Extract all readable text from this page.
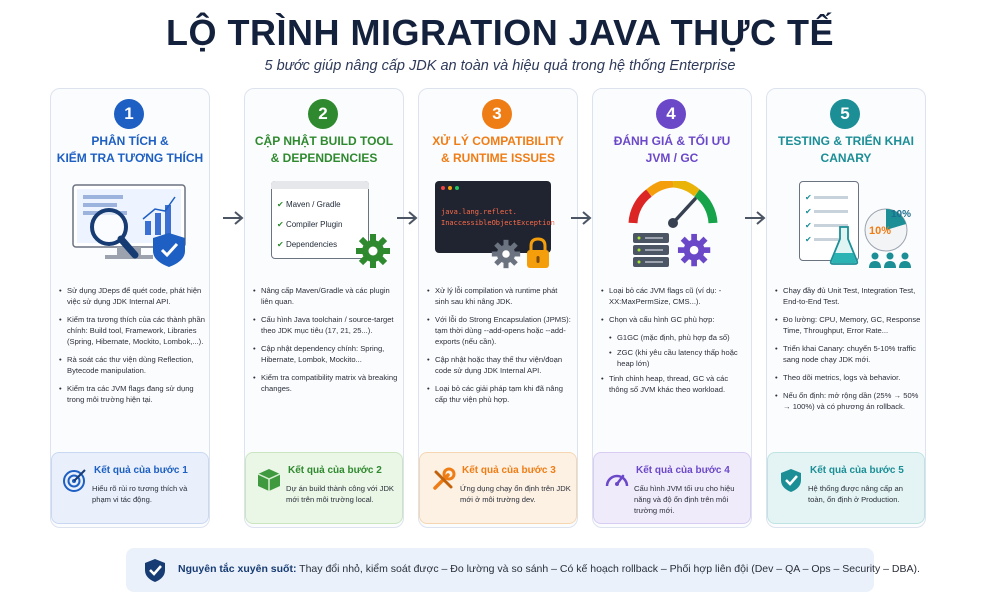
LỘ TRÌNH MIGRATION JAVA THỰC TẾ
5 bước giúp nâng cấp JDK an toàn và hiệu quả trong hệ thống Enterprise
1
PHÂN TÍCH &
KIỂM TRA TƯƠNG THÍCH
• Sử dụng JDeps để quét code, phát hiện việc sử dụng JDK Internal API.
• Kiểm tra tương thích của các thành phần chính: Build tool, Framework, Libraries (Spring, Hibernate, Mockito, Lombok,...).
• Rà soát các thư viện dùng Reflection, Bytecode manipulation.
• Kiểm tra các JVM flags đang sử dụng trong môi trường hiện tại.
Kết quả của bước 1
Hiểu rõ rủi ro tương thích và phạm vi tác động.
2
CẬP NHẬT BUILD TOOL
& DEPENDENCIES
✔ Maven / Gradle
✔ Compiler Plugin
✔ Dependencies
• Nâng cấp Maven/Gradle và các plugin liên quan.
• Cấu hình Java toolchain / source-target theo JDK mục tiêu (17, 21, 25...).
• Cập nhật dependency chính: Spring, Hibernate, Lombok, Mockito...
• Kiểm tra compatibility matrix và breaking changes.
Kết quả của bước 2
Dự án build thành công với JDK mới trên môi trường local.
3
XỬ LÝ COMPATIBILITY
& RUNTIME ISSUES
java.lang.reflect.
InaccessibleObjectException
• Xử lý lỗi compilation và runtime phát sinh sau khi nâng JDK.
• Với lỗi do Strong Encapsulation (JPMS): tạm thời dùng --add-opens hoặc --add-exports (nếu cần).
• Cập nhật hoặc thay thế thư viện/đoạn code sử dụng JDK Internal API.
• Loại bỏ các giải pháp tạm khi đã nâng cấp thư viện phù hợp.
Kết quả của bước 3
Ứng dụng chạy ổn định trên JDK mới ở môi trường dev.
4
ĐÁNH GIÁ & TỐI ƯU
JVM / GC
• Loại bỏ các JVM flags cũ (ví dụ: -XX:MaxPermSize, CMS...).
• Chọn và cấu hình GC phù hợp:
• G1GC (mặc định, phù hợp đa số)
• ZGC (khi yêu cầu latency thấp hoặc heap lớn)
• Tinh chỉnh heap, thread, GC và các thông số JVM khác theo workload.
Kết quả của bước 4
Cấu hình JVM tối ưu cho hiệu năng và độ ổn định trên môi trường mới.
5
TESTING & TRIỂN KHAI
CANARY
✔
✔
✔
✔
10%
10%
• Chạy đầy đủ Unit Test, Integration Test, End-to-End Test.
• Đo lường: CPU, Memory, GC, Response Time, Throughput, Error Rate...
• Triển khai Canary: chuyển 5-10% traffic sang node chạy JDK mới.
• Theo dõi metrics, logs và behavior.
• Nếu ổn định: mở rộng dần (25% → 50% → 100%) và có phương án rollback.
Kết quả của bước 5
Hệ thống được nâng cấp an toàn, ổn định ở Production.
Nguyên tắc xuyên suốt: Thay đổi nhỏ, kiểm soát được – Đo lường và so sánh – Có kế hoạch rollback – Phối hợp liên đội (Dev – QA – Ops – Security – DBA).
